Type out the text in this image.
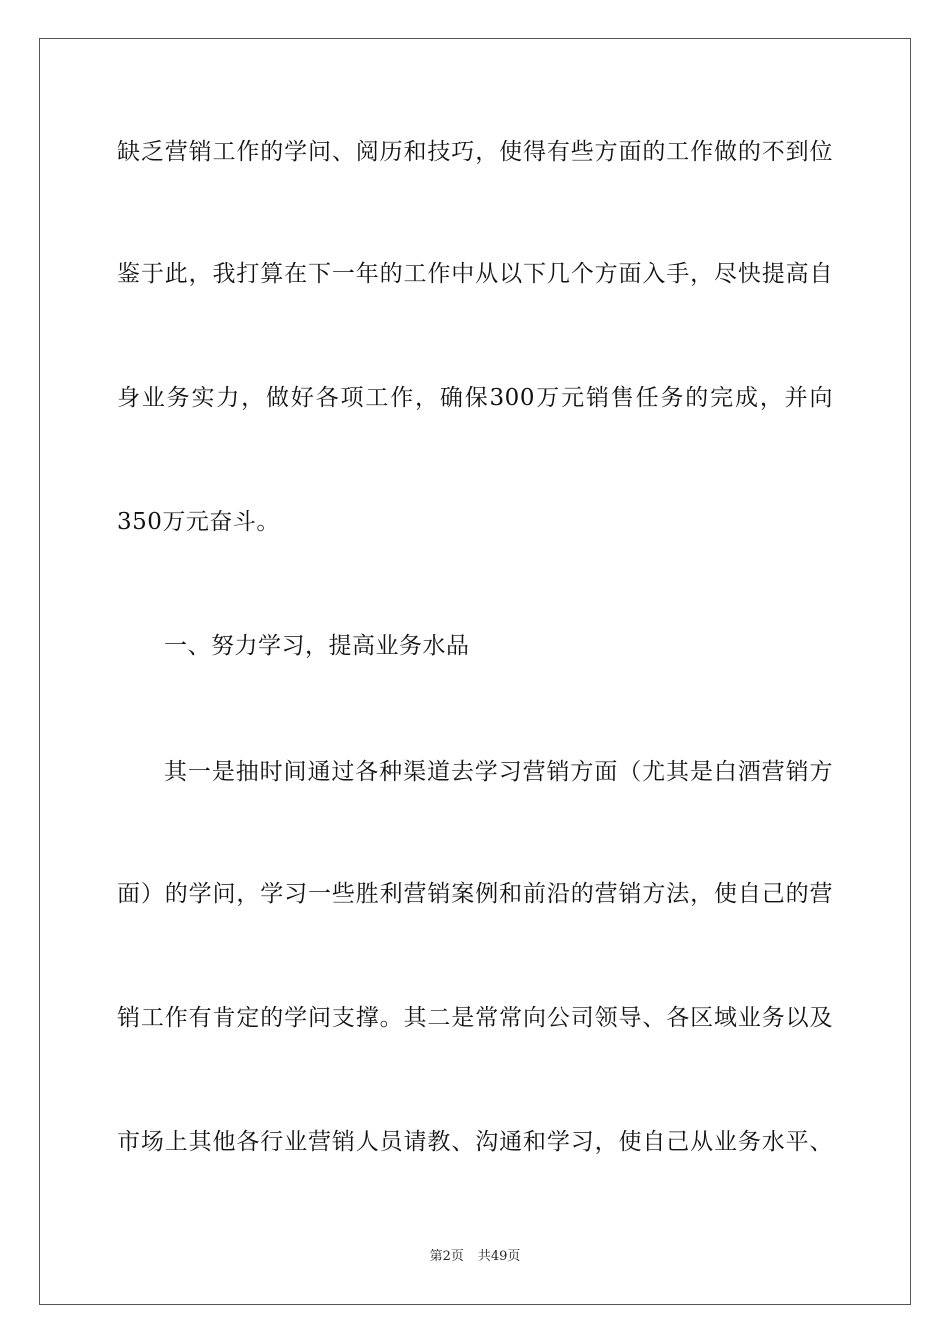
缺乏营销工作的学问、阅历和技巧，使得有些方面的工作做的不到位
鉴于此，我打算在下一年的工作中从以下几个方面入手，尽快提高自
身业务实力，做好各项工作，确保300万元销售任务的完成，并向
350万元奋斗。
一、努力学习，提高业务水品
其一是抽时间通过各种渠道去学习营销方面（尤其是白酒营销方
面）的学问，学习一些胜利营销案例和前沿的营销方法，使自己的营
销工作有肯定的学问支撑。其二是常常向公司领导、各区域业务以及
市场上其他各行业营销人员请教、沟通和学习，使自己从业务水平、
第2页 共49页
